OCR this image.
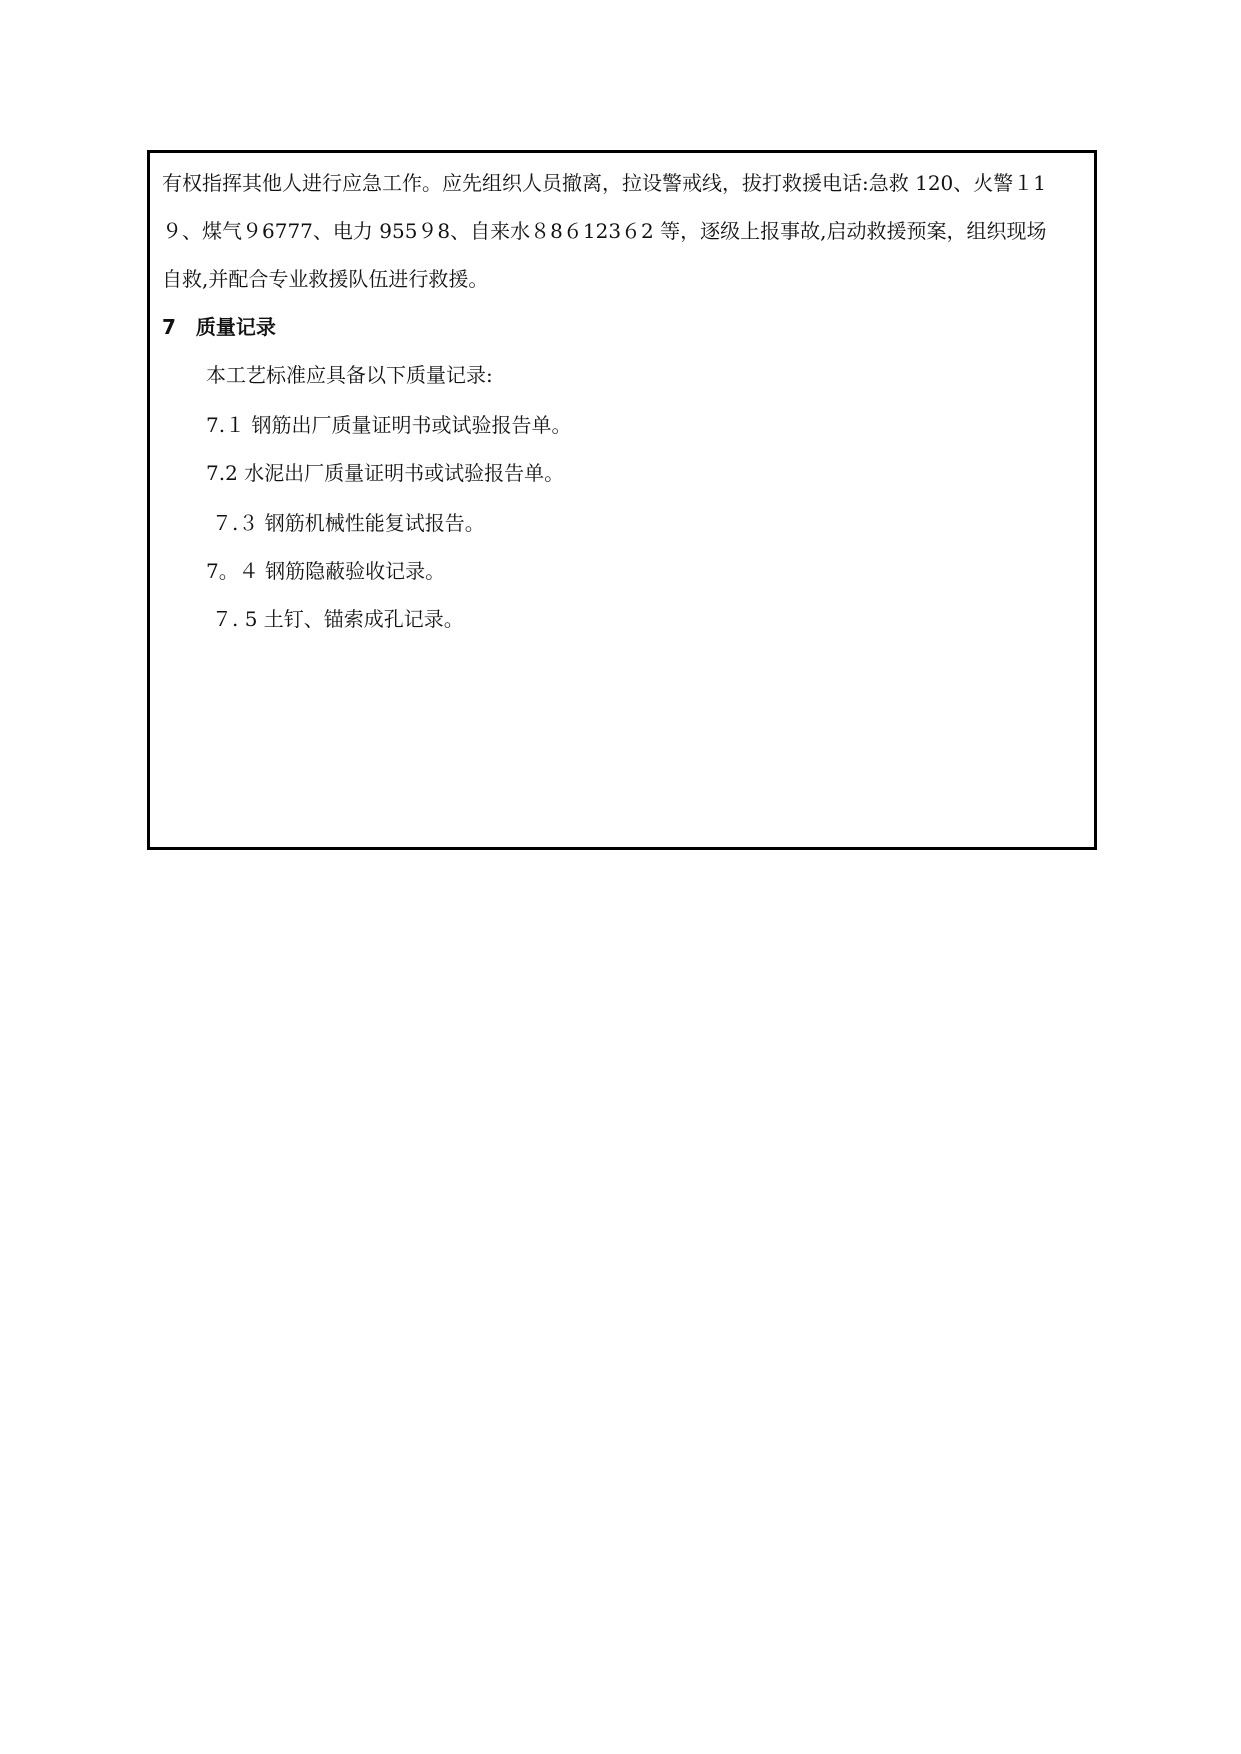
有权指挥其他人进行应急工作。应先组织人员撤离，拉设警戒线，拔打救援电话:急救 120、火警１1
９、煤气９6777、电力 955９8、自来水８8６123６2 等，逐级上报事故,启动救援预案，组织现场
自救,并配合专业救援队伍进行救援。
7　质量记录
本工艺标准应具备以下质量记录:
7.１ 钢筋出厂质量证明书或试验报告单。
7.2 水泥出厂质量证明书或试验报告单。
７.３ 钢筋机械性能复试报告。
7。４ 钢筋隐蔽验收记录。
７. 5 土钉、锚索成孔记录。
